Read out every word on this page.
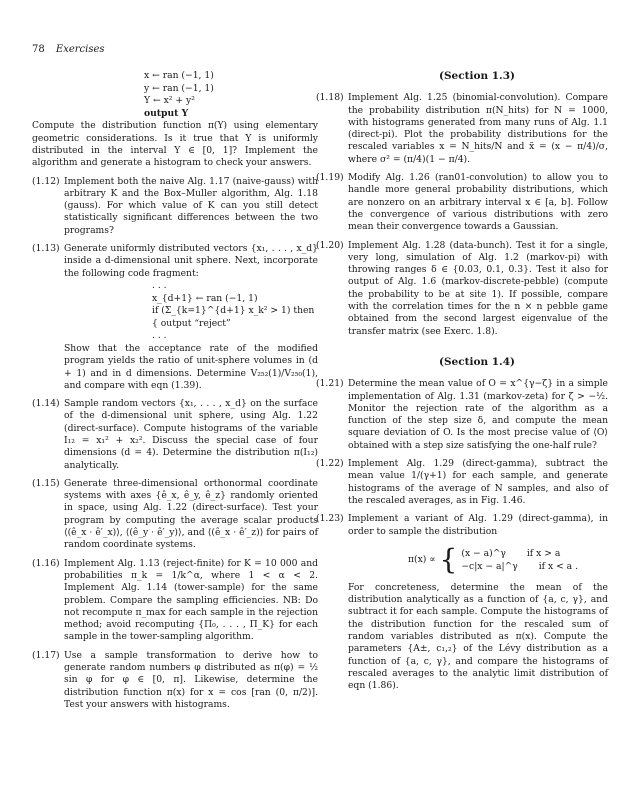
78 Exercises
x ← ran (−1, 1)
y ← ran (−1, 1)
Υ ← x² + y²
output Υ
Compute the distribution function π(Υ) using elementary geometric considerations. Is it true that Υ is uniformly distributed in the interval Υ ∈ [0, 1]? Implement the algorithm and generate a histogram to check your answers.
(1.12) Implement both the naive Alg. 1.17 (naive-gauss) with arbitrary K and the Box–Muller algorithm, Alg. 1.18 (gauss). For which value of K can you still detect statistically significant differences between the two programs?
(1.13) Generate uniformly distributed vectors {x₁, . . . , x_d} inside a d-dimensional unit sphere. Next, incorporate the following code fragment:
. . .
x_{d+1} ← ran (−1, 1)
if (Σ_{k=1}^{d+1} x_k² > 1) then
{ output “reject”
. . .
Show that the acceptance rate of the modified program yields the ratio of unit-sphere volumes in (d + 1) and in d dimensions. Determine V₂₅₂(1)/V₂₅₀(1), and compare with eqn (1.39).
(1.14) Sample random vectors {x₁, . . . , x_d} on the surface of the d-dimensional unit sphere, using Alg. 1.22 (direct-surface). Compute histograms of the variable I₁₂ = x₁² + x₂². Discuss the special case of four dimensions (d = 4). Determine the distribution π(I₁₂) analytically.
(1.15) Generate three-dimensional orthonormal coordinate systems with axes {ê_x, ê_y, ê_z} randomly oriented in space, using Alg. 1.22 (direct-surface). Test your program by computing the average scalar products ⟨(ê_x · ê′_x)⟩, ⟨(ê_y · ê′_y)⟩, and ⟨(ê_x · ê′_z)⟩ for pairs of random coordinate systems.
(1.16) Implement Alg. 1.13 (reject-finite) for K = 10 000 and probabilities π_k = 1/k^α, where 1 < α < 2. Implement Alg. 1.14 (tower-sample) for the same problem. Compare the sampling efficiencies. NB: Do not recompute π_max for each sample in the rejection method; avoid recomputing {Π₀, . . . , Π_K} for each sample in the tower-sampling algorithm.
(1.17) Use a sample transformation to derive how to generate random numbers φ distributed as π(φ) = ½ sin φ for φ ∈ [0, π]. Likewise, determine the distribution function π(x) for x = cos [ran (0, π/2)]. Test your answers with histograms.
(Section 1.3)
(1.18) Implement Alg. 1.25 (binomial-convolution). Compare the probability distribution π(N_hits) for N = 1000, with histograms generated from many runs of Alg. 1.1 (direct-pi). Plot the probability distributions for the rescaled variables x = N_hits/N and x̃ = (x − π/4)/σ, where σ² = (π/4)(1 − π/4).
(1.19) Modify Alg. 1.26 (ran01-convolution) to allow you to handle more general probability distributions, which are nonzero on an arbitrary interval x ∈ [a, b]. Follow the convergence of various distributions with zero mean their convergence towards a Gaussian.
(1.20) Implement Alg. 1.28 (data-bunch). Test it for a single, very long, simulation of Alg. 1.2 (markov-pi) with throwing ranges δ ∈ {0.03, 0.1, 0.3}. Test it also for output of Alg. 1.6 (markov-discrete-pebble) (compute the probability to be at site 1). If possible, compare with the correlation times for the n × n pebble game obtained from the second largest eigenvalue of the transfer matrix (see Exerc. 1.8).
(Section 1.4)
(1.21) Determine the mean value of O = x^{γ−ζ} in a simple implementation of Alg. 1.31 (markov-zeta) for ζ > −½. Monitor the rejection rate of the algorithm as a function of the step size δ, and compute the mean square deviation of O. Is the most precise value of ⟨O⟩ obtained with a step size satisfying the one-half rule?
(1.22) Implement Alg. 1.29 (direct-gamma), subtract the mean value 1/(γ+1) for each sample, and generate histograms of the average of N samples, and also of the rescaled averages, as in Fig. 1.46.
(1.23) Implement a variant of Alg. 1.29 (direct-gamma), in order to sample the distribution
π(x) ∝ { (x − a)^γ if x > a
−c|x − a|^γ if x < a .
For concreteness, determine the mean of the distribution analytically as a function of {a, c, γ}, and subtract it for each sample. Compute the histograms of the distribution function for the rescaled sum of random variables distributed as π(x). Compute the parameters {A±, c₁,₂} of the Lévy distribution as a function of {a, c, γ}, and compare the histograms of rescaled averages to the analytic limit distribution of eqn (1.86).
